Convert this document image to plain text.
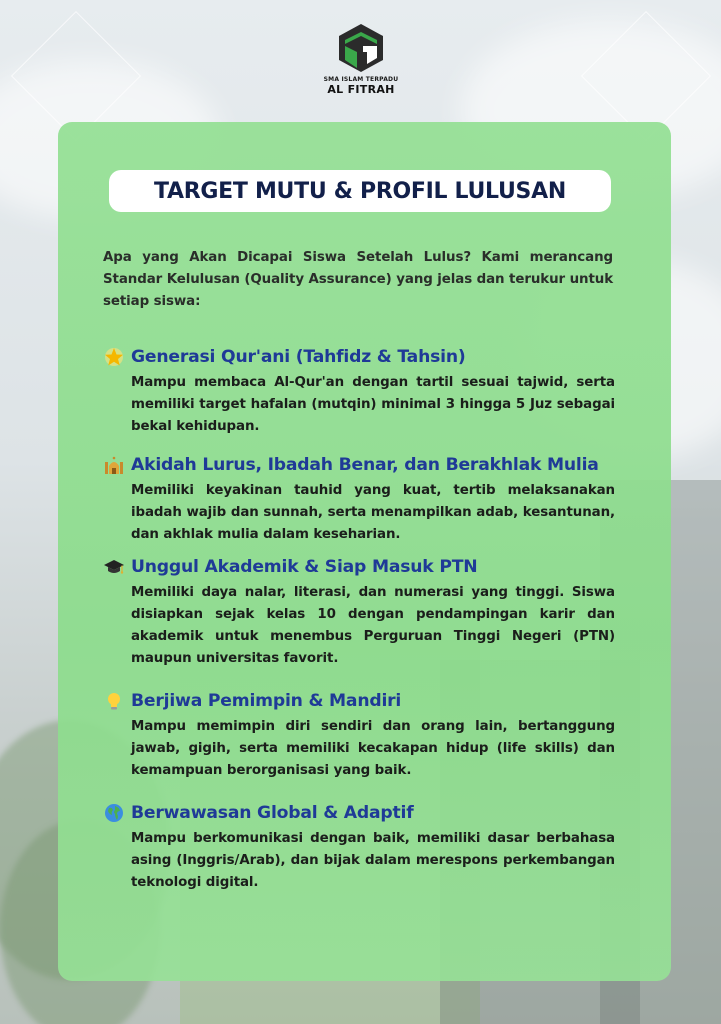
SMA ISLAM TERPADU
AL FITRAH
TARGET MUTU & PROFIL LULUSAN
Apa yang Akan Dicapai Siswa Setelah Lulus? Kami merancang Standar Kelulusan (Quality Assurance) yang jelas dan terukur untuk setiap siswa:
Generasi Qur'ani (Tahfidz & Tahsin)
Mampu membaca Al-Qur'an dengan tartil sesuai tajwid, serta memiliki target hafalan (mutqin) minimal 3 hingga 5 Juz sebagai bekal kehidupan.
Akidah Lurus, Ibadah Benar, dan Berakhlak Mulia
Memiliki keyakinan tauhid yang kuat, tertib melaksanakan ibadah wajib dan sunnah, serta menampilkan adab, kesantunan, dan akhlak mulia dalam keseharian.
Unggul Akademik & Siap Masuk PTN
Memiliki daya nalar, literasi, dan numerasi yang tinggi. Siswa disiapkan sejak kelas 10 dengan pendampingan karir dan akademik untuk menembus Perguruan Tinggi Negeri (PTN) maupun universitas favorit.
Berjiwa Pemimpin & Mandiri
Mampu memimpin diri sendiri dan orang lain, bertanggung jawab, gigih, serta memiliki kecakapan hidup (life skills) dan kemampuan berorganisasi yang baik.
Berwawasan Global & Adaptif
Mampu berkomunikasi dengan baik, memiliki dasar berbahasa asing (Inggris/Arab), dan bijak dalam merespons perkembangan teknologi digital.
